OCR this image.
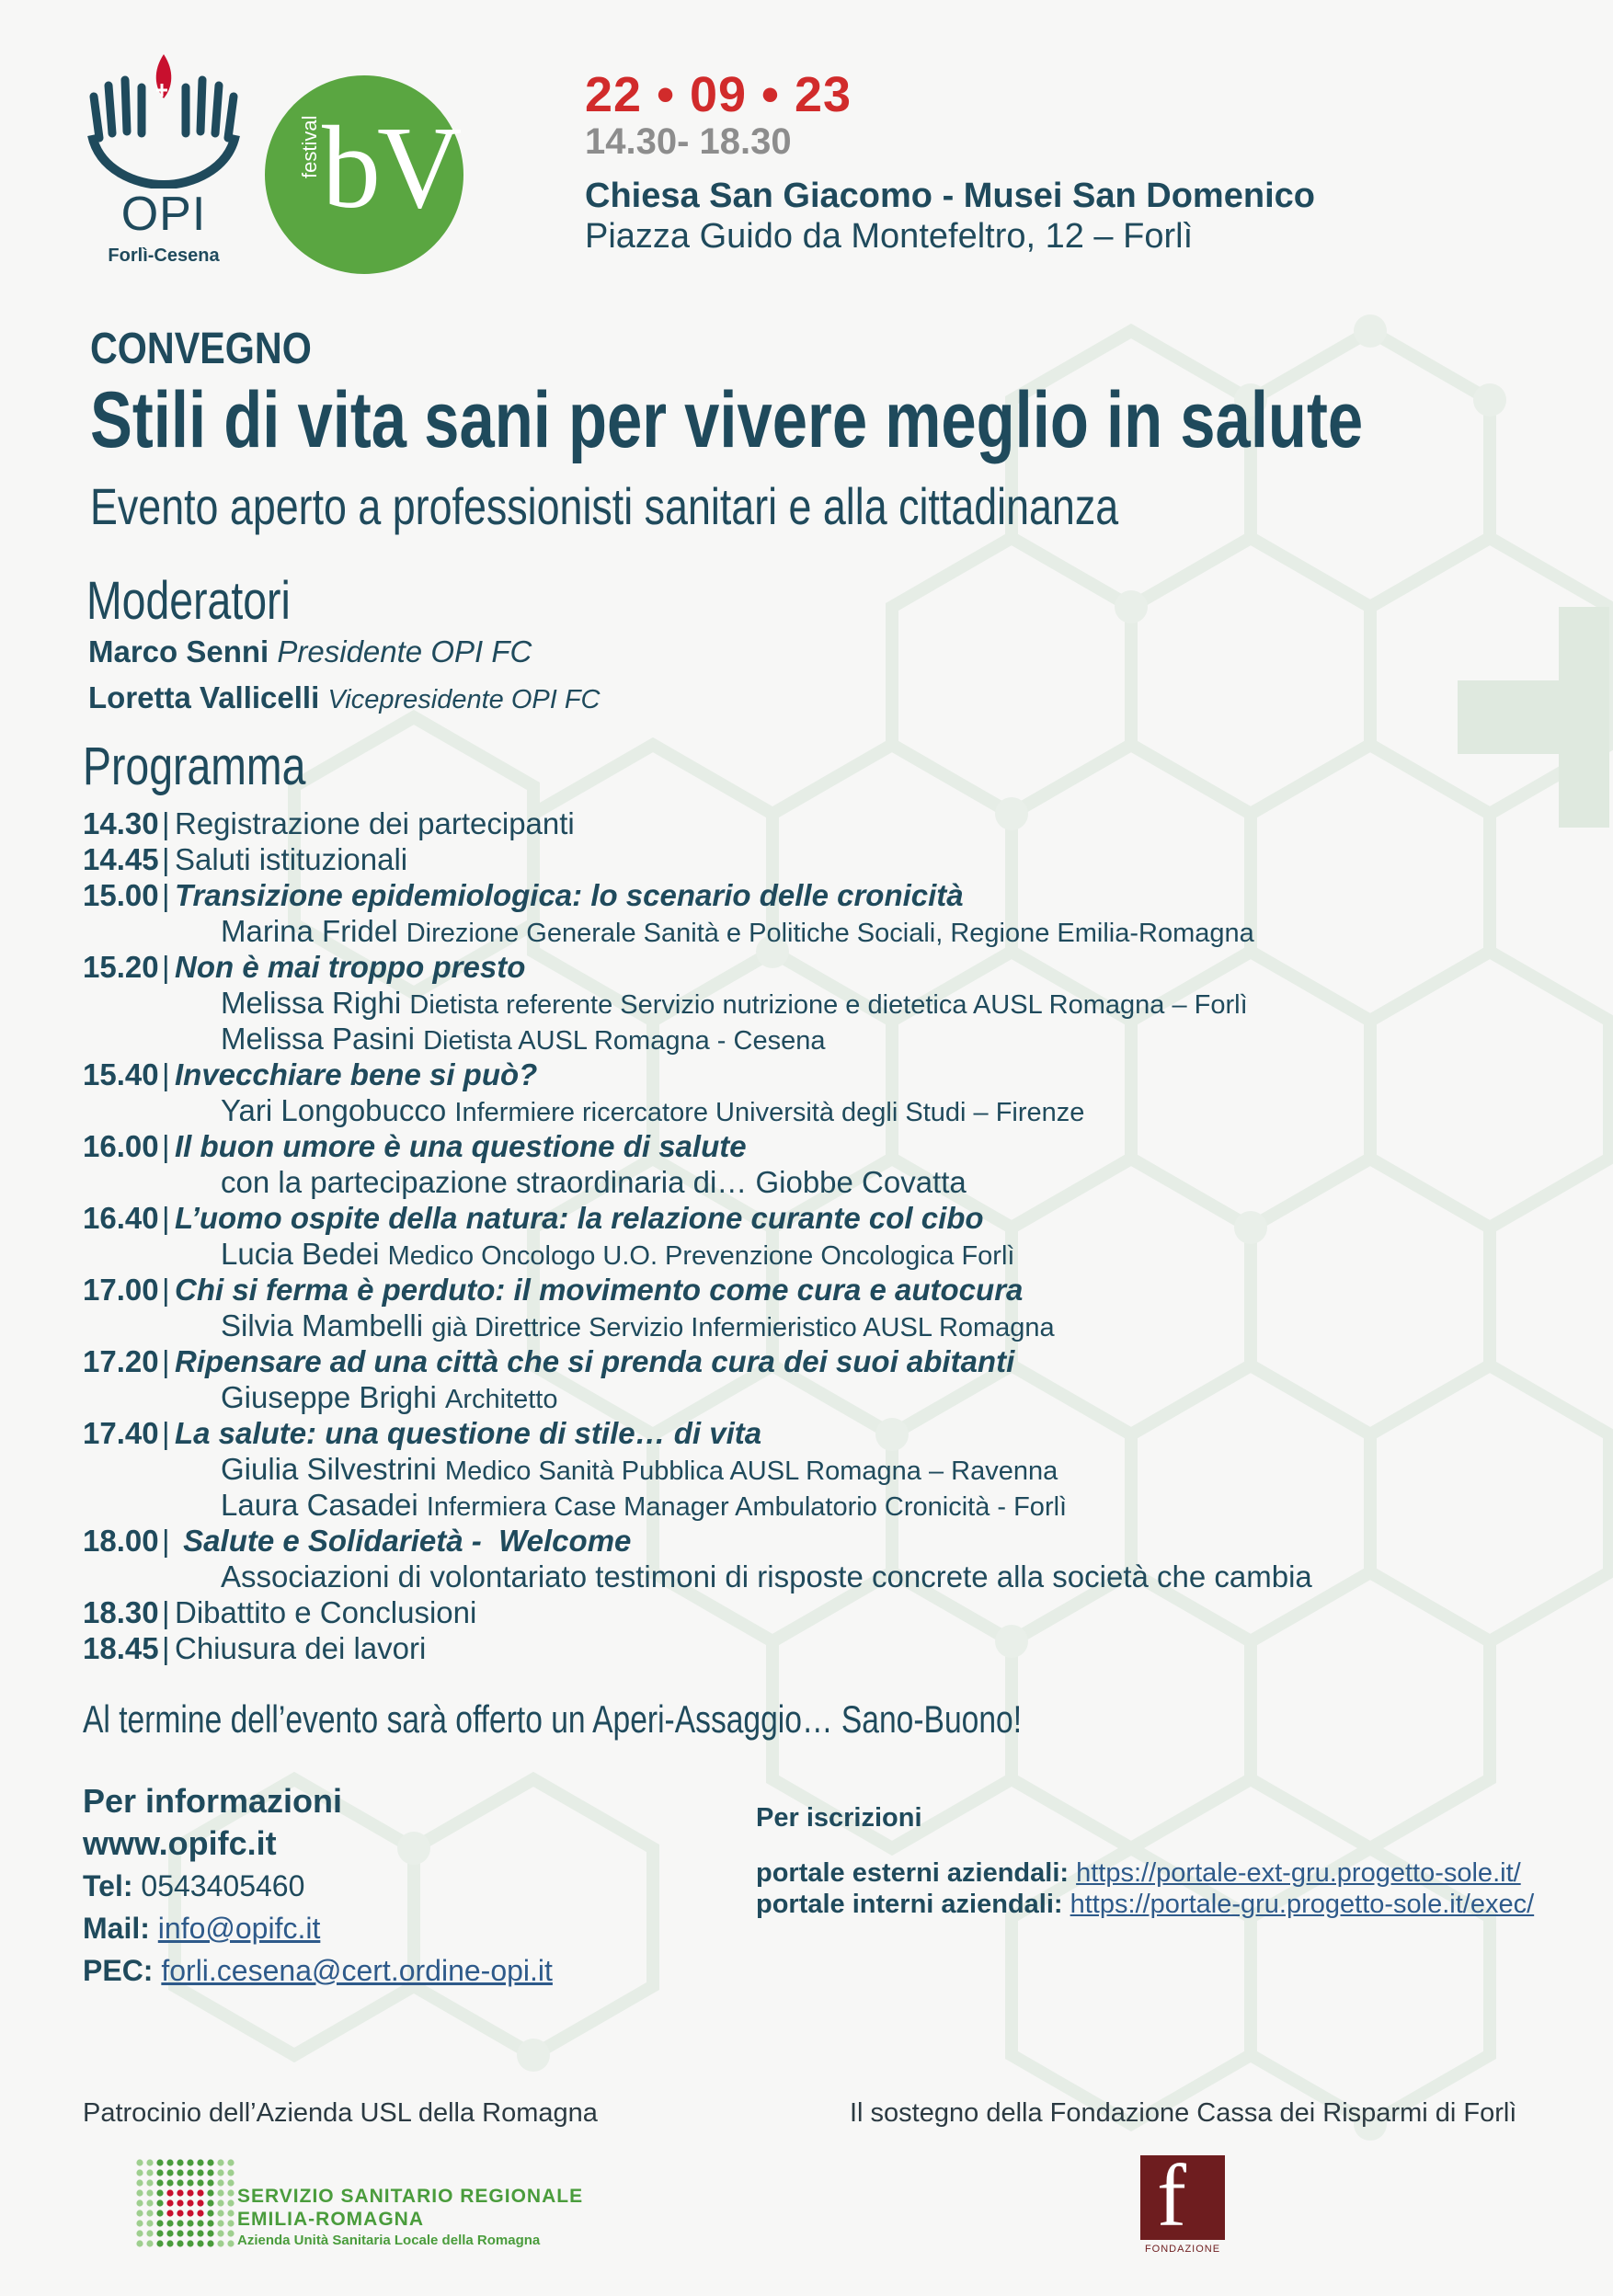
OPI
Forlì-Cesena
festival bV
22 • 09 • 23
14.30- 18.30
Chiesa San Giacomo - Musei San Domenico
Piazza Guido da Montefeltro, 12 – Forlì
CONVEGNO
Stili di vita sani per vivere meglio in salute
Evento aperto a professionisti sanitari e alla cittadinanza
Moderatori
Marco Senni Presidente OPI FC
Loretta Vallicelli Vicepresidente OPI FC
Programma
14.30 | Registrazione dei partecipanti
14.45 | Saluti istituzionali
15.00 | Transizione epidemiologica: lo scenario delle cronicità
Marina Fridel Direzione Generale Sanità e Politiche Sociali, Regione Emilia-Romagna
15.20 | Non è mai troppo presto
Melissa Righi Dietista referente Servizio nutrizione e dietetica AUSL Romagna – Forlì
Melissa Pasini Dietista AUSL Romagna - Cesena
15.40 | Invecchiare bene si può?
Yari Longobucco Infermiere ricercatore Università degli Studi – Firenze
16.00 | Il buon umore è una questione di salute
con la partecipazione straordinaria di… Giobbe Covatta
16.40 | L’uomo ospite della natura: la relazione curante col cibo
Lucia Bedei Medico Oncologo U.O. Prevenzione Oncologica Forlì
17.00 | Chi si ferma è perduto: il movimento come cura e autocura
Silvia Mambelli già Direttrice Servizio Infermieristico AUSL Romagna
17.20 | Ripensare ad una città che si prenda cura dei suoi abitanti
Giuseppe Brighi Architetto
17.40 | La salute: una questione di stile… di vita
Giulia Silvestrini Medico Sanità Pubblica AUSL Romagna – Ravenna
Laura Casadei Infermiera Case Manager Ambulatorio Cronicità - Forlì
18.00 | Salute e Solidarietà -  Welcome
Associazioni di volontariato testimoni di risposte concrete alla società che cambia
18.30 | Dibattito e Conclusioni
18.45 | Chiusura dei lavori
Al termine dell’evento sarà offerto un Aperi-Assaggio… Sano-Buono!
Per informazioni
www.opifc.it
Tel: 0543405460
Mail: info@opifc.it
PEC: forli.cesena@cert.ordine-opi.it
Per iscrizioni
portale esterni aziendali: https://portale-ext-gru.progetto-sole.it/
portale interni aziendali: https://portale-gru.progetto-sole.it/exec/
Patrocinio dell’Azienda USL della Romagna	Il sostegno della Fondazione Cassa dei Risparmi di Forlì
SERVIZIO SANITARIO REGIONALE
EMILIA-ROMAGNA
Azienda Unità Sanitaria Locale della Romagna	f
FONDAZIONE
